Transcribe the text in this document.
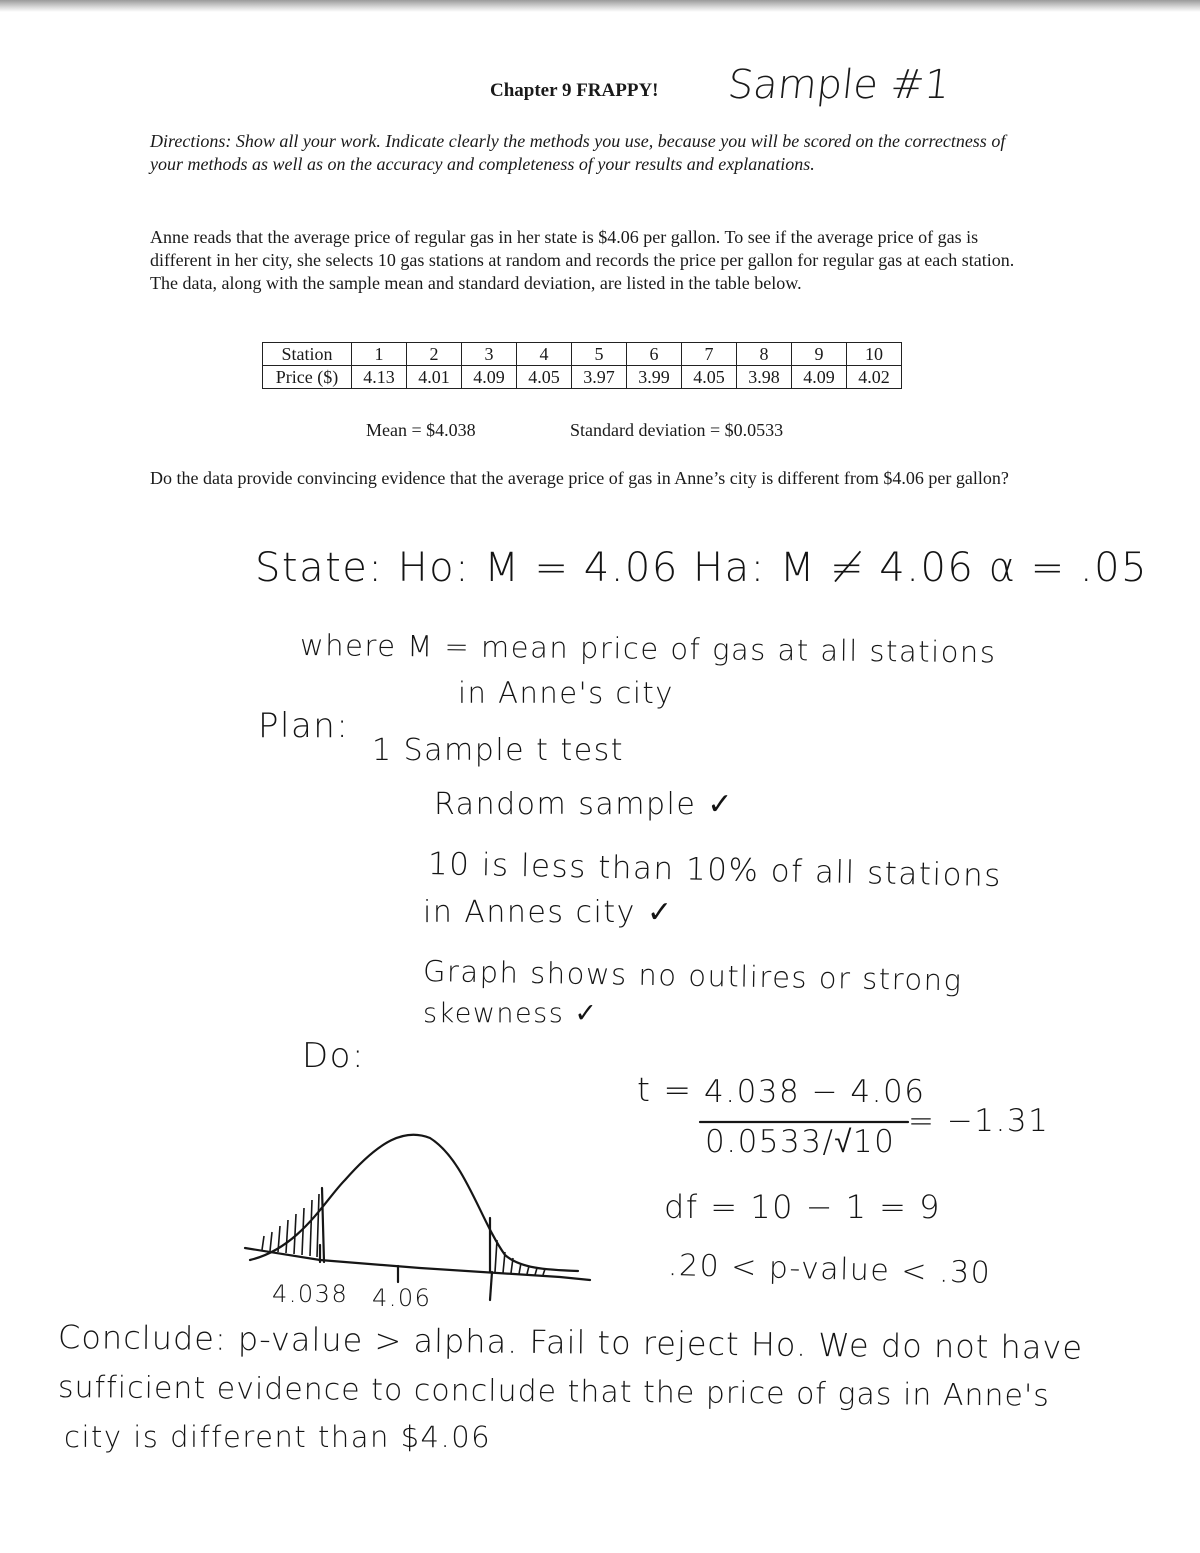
Chapter 9 FRAPPY! Sample #1
Directions: Show all your work. Indicate clearly the methods you use, because you will be scored on the correctness of your methods as well as on the accuracy and completeness of your results and explanations.
Anne reads that the average price of regular gas in her state is $4.06 per gallon. To see if the average price of gas is different in her city, she selects 10 gas stations at random and records the price per gallon for regular gas at each station. The data, along with the sample mean and standard deviation, are listed in the table below.
Station	1	2	3	4	5	6	7	8	9	10
Price ($)	4.13	4.01	4.09	4.05	3.97	3.99	4.05	3.98	4.09	4.02
Mean = $4.038	Standard deviation = $0.0533
Do the data provide convincing evidence that the average price of gas in Anne’s city is different from $4.06 per gallon?
State: Ho: M = 4.06 Ha: M ≠ 4.06 α = .05
where M = mean price of gas at all stations
in Anne's city
Plan:
1 Sample t test
Random sample ✓
10 is less than 10% of all stations
in Annes city ✓
Graph shows no outlires or strong
skewness ✓
Do:
t = 4.038 − 4.06
0.0533/√10
= −1.31
df = 10 − 1 = 9
.20 < p-value < .30
4.038 4.06
Conclude: p-value > alpha. Fail to reject Ho. We do not have
sufficient evidence to conclude that the price of gas in Anne's
city is different than $4.06
